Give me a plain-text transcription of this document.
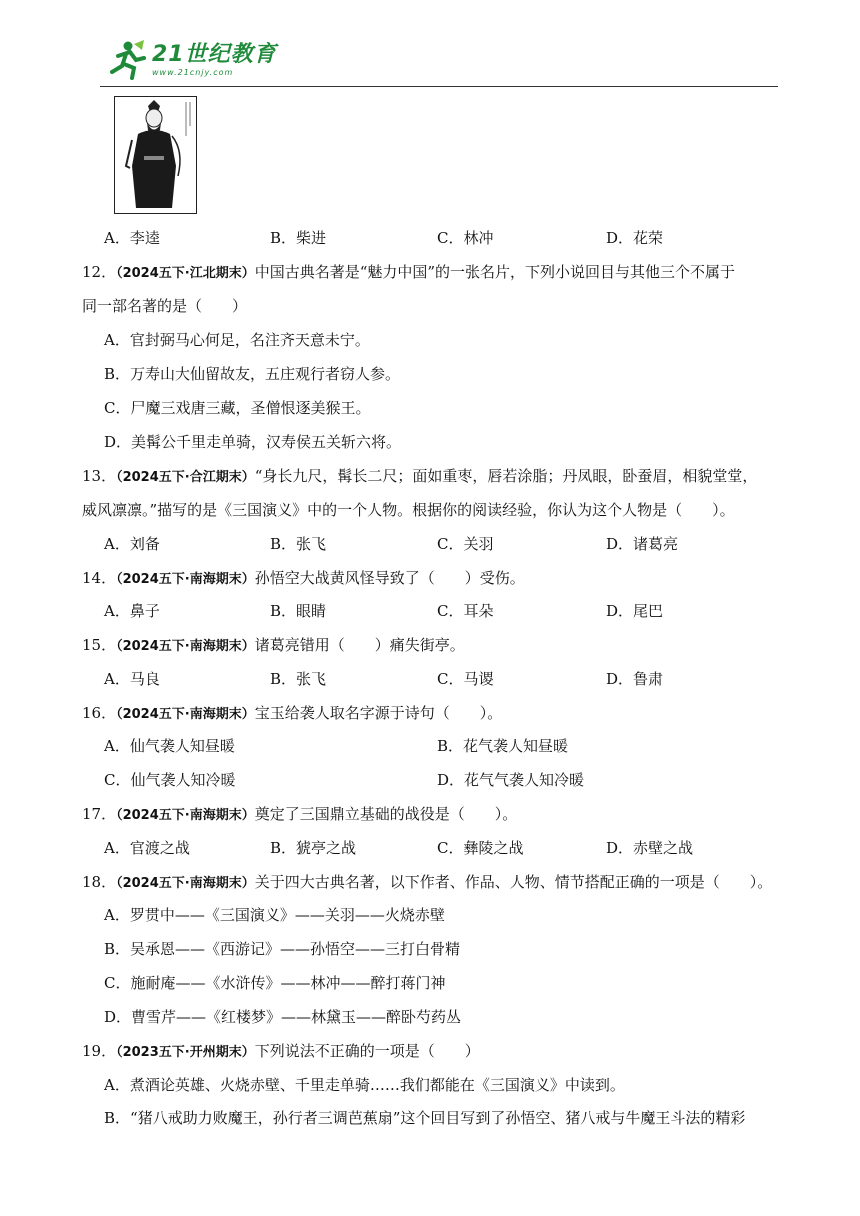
21世纪教育
www.21cnjy.com
A．李逵	B．柴进	C．林冲	D．花荣
12．（2024五下·江北期末）中国古典名著是“魅力中国”的一张名片，下列小说回目与其他三个不属于
同一部名著的是（　　）
A．官封弼马心何足，名注齐天意未宁。
B．万寿山大仙留故友，五庄观行者窃人参。
C．尸魔三戏唐三藏，圣僧恨逐美猴王。
D．美髯公千里走单骑，汉寿侯五关斩六将。
13．（2024五下·合江期末）“身长九尺，髯长二尺；面如重枣，唇若涂脂；丹凤眼，卧蚕眉，相貌堂堂，
威风凛凛。”描写的是《三国演义》中的一个人物。根据你的阅读经验，你认为这个人物是（　　）。
A．刘备	B．张飞	C．关羽	D．诸葛亮
14．（2024五下·南海期末）孙悟空大战黄风怪导致了（　　）受伤。
A．鼻子	B．眼睛	C．耳朵	D．尾巴
15．（2024五下·南海期末）诸葛亮错用（　　）痛失街亭。
A．马良	B．张飞	C．马谡	D．鲁肃
16．（2024五下·南海期末）宝玉给袭人取名字源于诗句（　　）。
A．仙气袭人知昼暖	B．花气袭人知昼暖
C．仙气袭人知冷暖	D．花气气袭人知冷暖
17．（2024五下·南海期末）奠定了三国鼎立基础的战役是（　　）。
A．官渡之战	B．猇亭之战	C．彝陵之战	D．赤壁之战
18．（2024五下·南海期末）关于四大古典名著，以下作者、作品、人物、情节搭配正确的一项是（　　）。
A．罗贯中——《三国演义》——关羽——火烧赤壁
B．吴承恩——《西游记》——孙悟空——三打白骨精
C．施耐庵——《水浒传》——林冲——醉打蒋门神
D．曹雪芹——《红楼梦》——林黛玉——醉卧芍药丛
19．（2023五下·开州期末）下列说法不正确的一项是（　　）
A．煮酒论英雄、火烧赤壁、千里走单骑……我们都能在《三国演义》中读到。
B．“猪八戒助力败魔王，孙行者三调芭蕉扇”这个回目写到了孙悟空、猪八戒与牛魔王斗法的精彩
